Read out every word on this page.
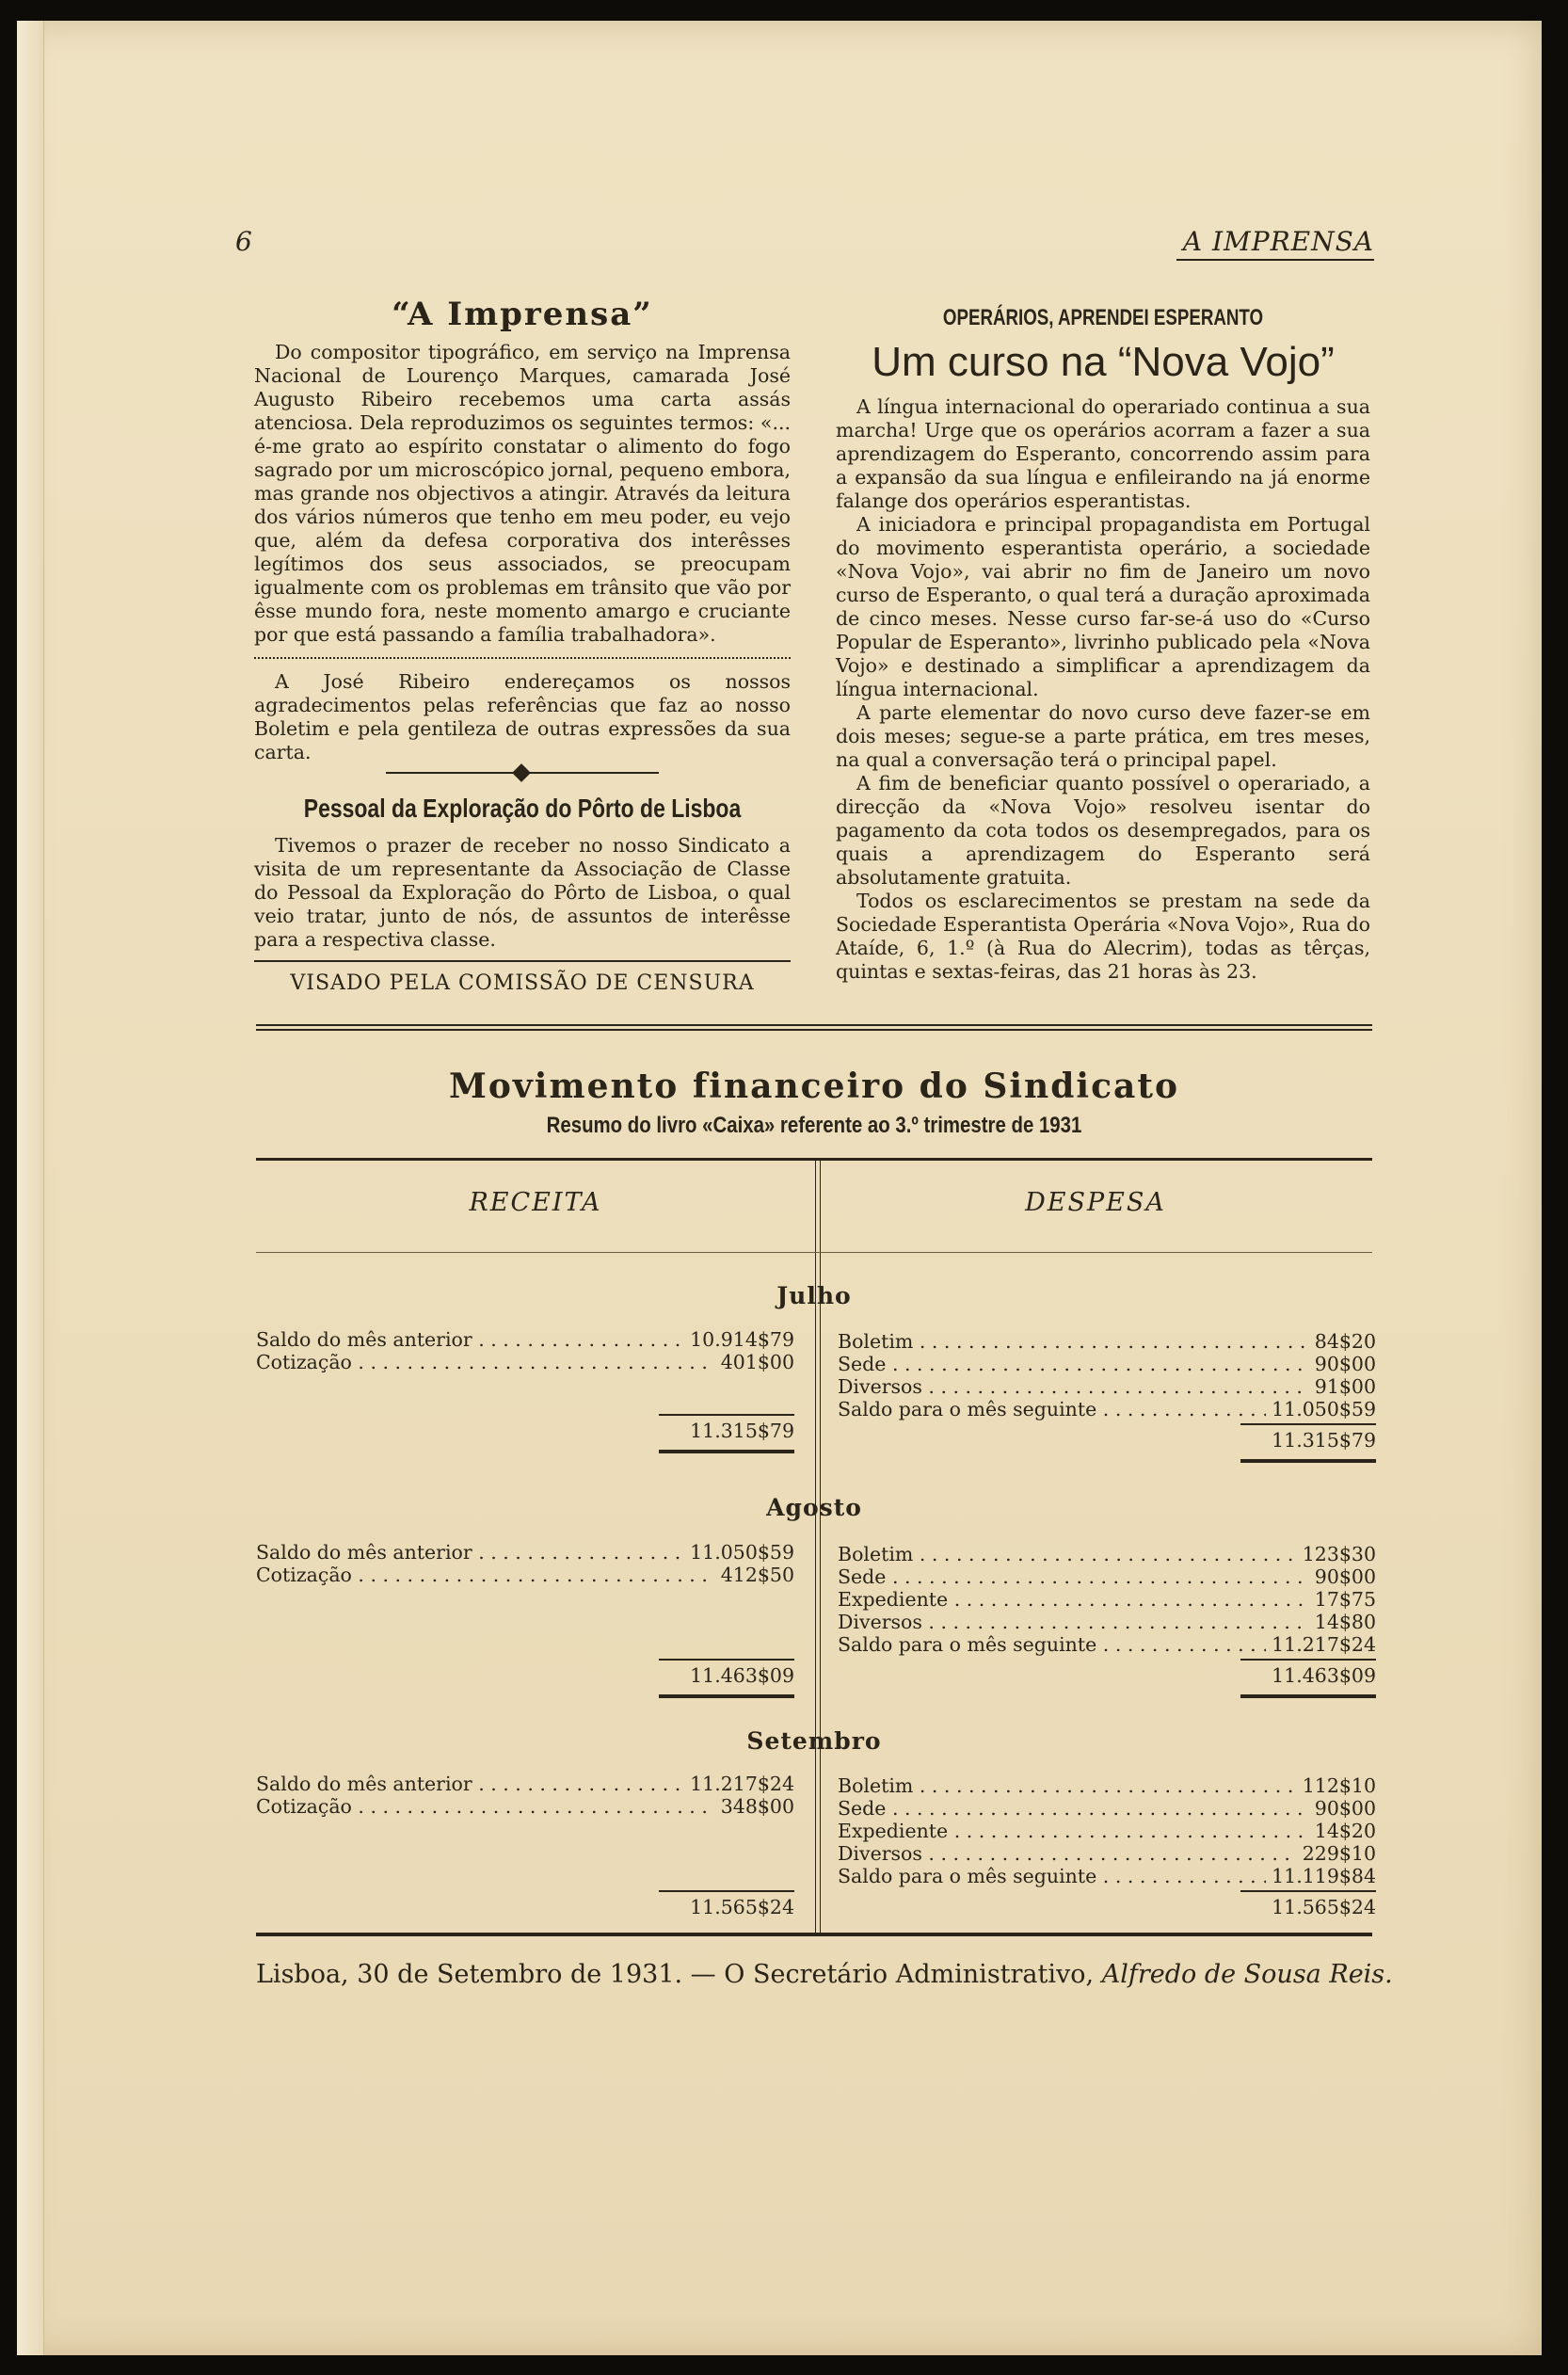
6	A IMPRENSA
“A Imprensa”

Do compositor tipográfico, em serviço na Imprensa Nacional de Lourenço Marques, camarada José Augusto Ribeiro recebemos uma carta assás atenciosa. Dela reproduzimos os seguintes termos: «... é-me grato ao espírito constatar o alimento do fogo sagrado por um microscópico jornal, pequeno embora, mas grande nos objectivos a atingir. Através da leitura dos vários números que tenho em meu poder, eu vejo que, além da defesa corporativa dos interêsses legítimos dos seus associados, se preocupam igualmente com os problemas em trânsito que vão por êsse mundo fora, neste momento amargo e cruciante por que está passando a família trabalhadora».

A José Ribeiro endereçamos os nossos agradecimentos pelas referências que faz ao nosso Boletim e pela gentileza de outras expressões da sua carta.

Pessoal da Exploração do Pôrto de Lisboa

Tivemos o prazer de receber no nosso Sindicato a visita de um representante da Associação de Classe do Pessoal da Exploração do Pôrto de Lisboa, o qual veio tratar, junto de nós, de assuntos de interêsse para a respectiva classe.

VISADO PELA COMISSÃO DE CENSURA
OPERÁRIOS, APRENDEI ESPERANTO
Um curso na “Nova Vojo”

A língua internacional do operariado continua a sua marcha! Urge que os operários acorram a fazer a sua aprendizagem do Esperanto, concorrendo assim para a expansão da sua língua e enfileirando na já enorme falange dos operários esperantistas.

A iniciadora e principal propagandista em Portugal do movimento esperantista operário, a sociedade «Nova Vojo», vai abrir no fim de Janeiro um novo curso de Esperanto, o qual terá a duração aproximada de cinco meses. Nesse curso far-se-á uso do «Curso Popular de Esperanto», livrinho publicado pela «Nova Vojo» e destinado a simplificar a aprendizagem da língua internacional.

A parte elementar do novo curso deve fazer-se em dois meses; segue-se a parte prática, em tres meses, na qual a conversação terá o principal papel.

A fim de beneficiar quanto possível o operariado, a direcção da «Nova Vojo» resolveu isentar do pagamento da cota todos os desempregados, para os quais a aprendizagem do Esperanto será absolutamente gratuita.

Todos os esclarecimentos se prestam na sede da Sociedade Esperantista Operária «Nova Vojo», Rua do Ataíde, 6, 1.º (à Rua do Alecrim), todas as têrças, quintas e sextas-feiras, das 21 horas às 23.

Movimento financeiro do Sindicato
Resumo do livro «Caixa» referente ao 3.º trimestre de 1931
RECEITA	DESPESA
Julho
Saldo do mês anterior . . .	10.914$79
Cotização . . .	401$00
11.315$79
Boletim . . .	84$20
Sede . . .	90$00
Diversos . . .	91$00
Saldo para o mês seguinte . . .	11.050$59
11.315$79
Agosto
Saldo do mês anterior . . .	11.050$59
Cotização . . .	412$50
11.463$09
Boletim . . .	123$30
Sede . . .	90$00
Expediente . . .	17$75
Diversos . . .	14$80
Saldo para o mês seguinte . . .	11.217$24
11.463$09
Setembro
Saldo do mês anterior . . .	11.217$24
Cotização . . .	348$00
11.565$24
Boletim . . .	112$10
Sede . . .	90$00
Expediente . . .	14$20
Diversos . . .	229$10
Saldo para o mês seguinte . . .	11.119$84
11.565$24
Lisboa, 30 de Setembro de 1931. — O Secretário Administrativo, Alfredo de Sousa Reis.
